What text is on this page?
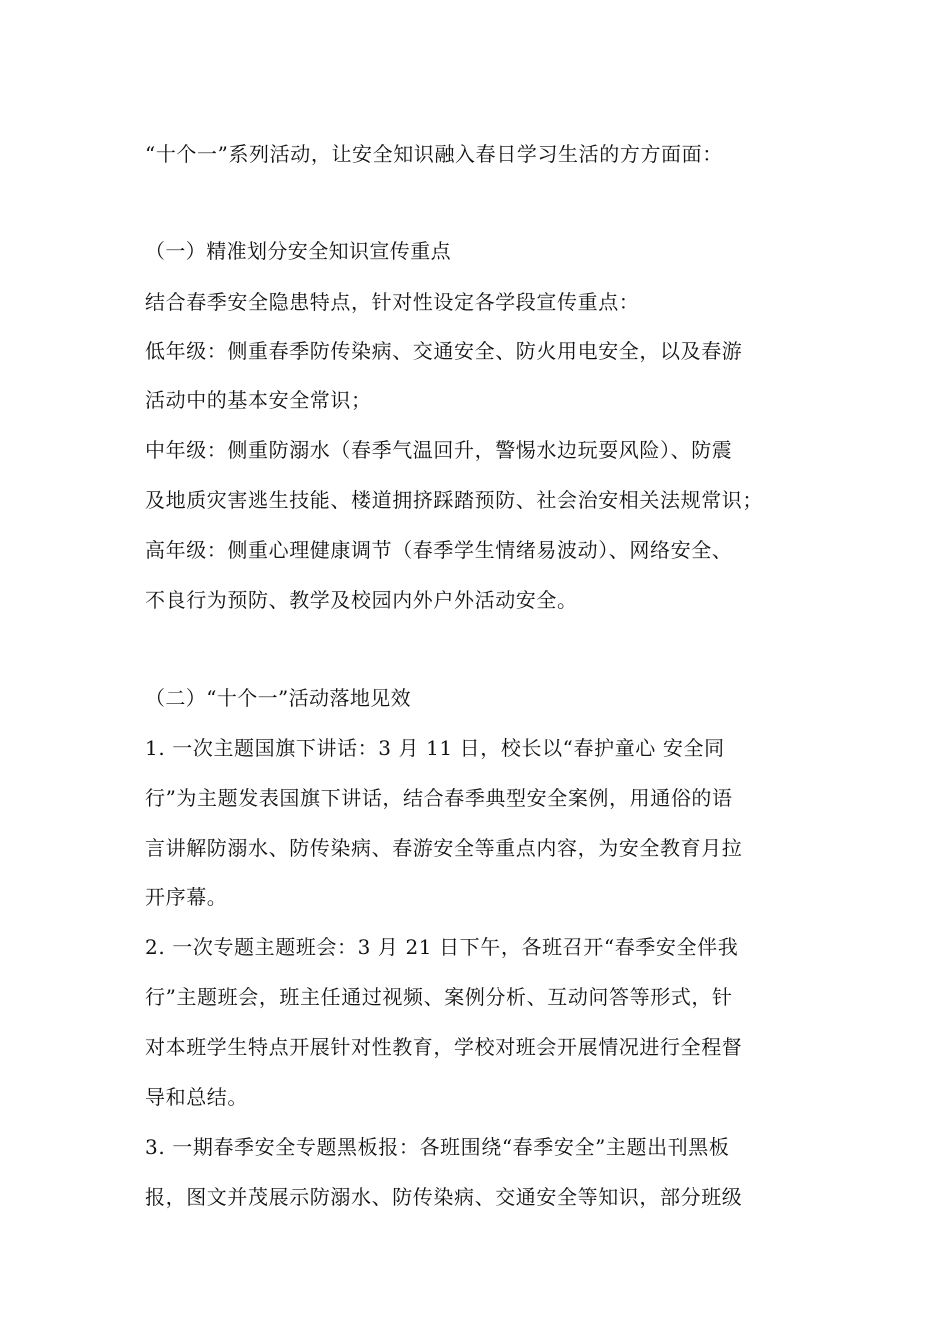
“十个一”系列活动，让安全知识融入春日学习生活的方方面面：
（一）精准划分安全知识宣传重点
结合春季安全隐患特点，针对性设定各学段宣传重点：
低年级：侧重春季防传染病、交通安全、防火用电安全，以及春游
活动中的基本安全常识；
中年级：侧重防溺水（春季气温回升，警惕水边玩耍风险）、防震
及地质灾害逃生技能、楼道拥挤踩踏预防、社会治安相关法规常识；
高年级：侧重心理健康调节（春季学生情绪易波动）、网络安全、
不良行为预防、教学及校园内外户外活动安全。
（二）“十个一”活动落地见效
1. 一次主题国旗下讲话：3 月 11 日，校长以“春护童心 安全同
行”为主题发表国旗下讲话，结合春季典型安全案例，用通俗的语
言讲解防溺水、防传染病、春游安全等重点内容，为安全教育月拉
开序幕。
2. 一次专题主题班会：3 月 21 日下午，各班召开“春季安全伴我
行”主题班会，班主任通过视频、案例分析、互动问答等形式，针
对本班学生特点开展针对性教育，学校对班会开展情况进行全程督
导和总结。
3. 一期春季安全专题黑板报：各班围绕“春季安全”主题出刊黑板
报，图文并茂展示防溺水、防传染病、交通安全等知识，部分班级
